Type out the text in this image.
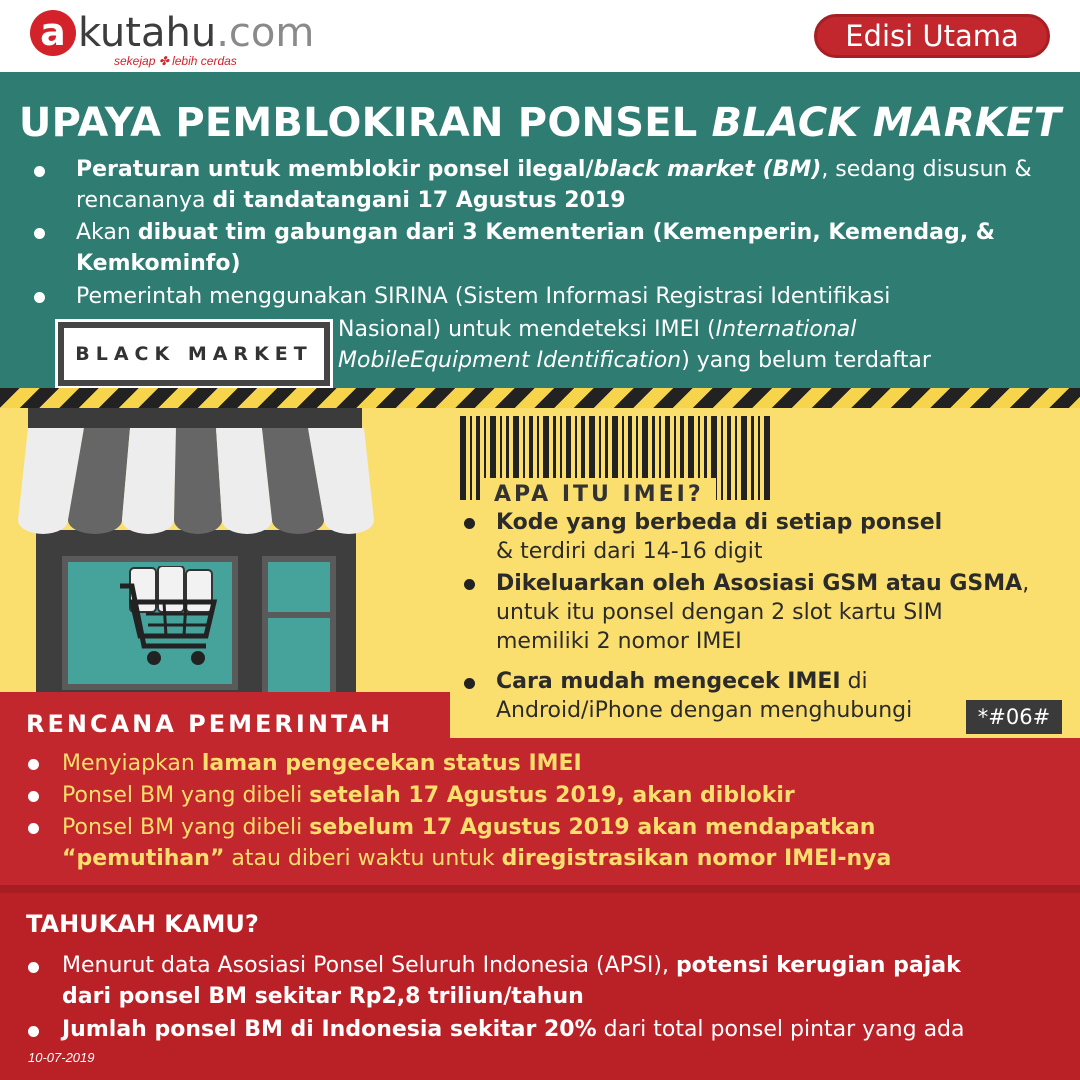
a kutahu.com
sekejap ✤ lebih cerdas
Edisi Utama
UPAYA PEMBLOKIRAN PONSEL BLACK MARKET
Peraturan untuk memblokir ponsel ilegal/black market (BM), sedang disusun &
rencananya di tandatangani 17 Agustus 2019
Akan dibuat tim gabungan dari 3 Kementerian (Kemenperin, Kemendag, &
Kemkominfo)
Pemerintah menggunakan SIRINA (Sistem Informasi Registrasi Identifikasi
Nasional) untuk mendeteksi IMEI (International
MobileEquipment Identification) yang belum terdaftar
BLACK MARKET
APA ITU IMEI?
Kode yang berbeda di setiap ponsel
& terdiri dari 14-16 digit
Dikeluarkan oleh Asosiasi GSM atau GSMA,
untuk itu ponsel dengan 2 slot kartu SIM
memiliki 2 nomor IMEI
Cara mudah mengecek IMEI di
Android/iPhone dengan menghubungi	*#06#
RENCANA PEMERINTAH
Menyiapkan laman pengecekan status IMEI
Ponsel BM yang dibeli setelah 17 Agustus 2019, akan diblokir
Ponsel BM yang dibeli sebelum 17 Agustus 2019 akan mendapatkan
“pemutihan” atau diberi waktu untuk diregistrasikan nomor IMEI-nya
TAHUKAH KAMU?
Menurut data Asosiasi Ponsel Seluruh Indonesia (APSI), potensi kerugian pajak
dari ponsel BM sekitar Rp2,8 triliun/tahun
Jumlah ponsel BM di Indonesia sekitar 20% dari total ponsel pintar yang ada
10-07-2019
